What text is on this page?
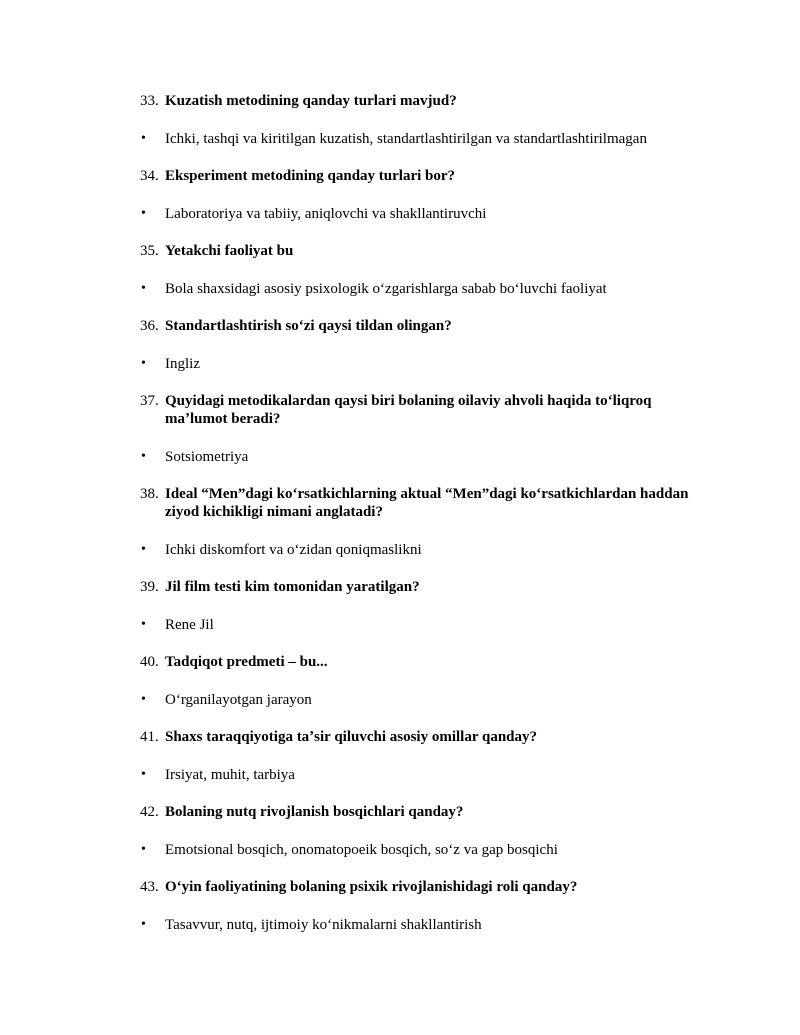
33. Kuzatish metodining qanday turlari mavjud?
• Ichki, tashqi va kiritilgan kuzatish, standartlashtirilgan va standartlashtirilmagan
34. Eksperiment metodining qanday turlari bor?
• Laboratoriya va tabiiy, aniqlovchi va shakllantiruvchi
35. Yetakchi faoliyat bu
• Bola shaxsidagi asosiy psixologik oʻzgarishlarga sabab boʻluvchi faoliyat
36. Standartlashtirish soʻzi qaysi tildan olingan?
• Ingliz
37. Quyidagi metodikalardan qaysi biri bolaning oilaviy ahvoli haqida toʻliqroq maʼlumot beradi?
• Sotsiometriya
38. Ideal “Men”dagi koʻrsatkichlarning aktual “Men”dagi koʻrsatkichlardan haddan ziyod kichikligi nimani anglatadi?
• Ichki diskomfort va oʻzidan qoniqmaslikni
39. Jil film testi kim tomonidan yaratilgan?
• Rene Jil
40. Tadqiqot predmeti – bu...
• Oʻrganilayotgan jarayon
41. Shaxs taraqqiyotiga taʼsir qiluvchi asosiy omillar qanday?
• Irsiyat, muhit, tarbiya
42. Bolaning nutq rivojlanish bosqichlari qanday?
• Emotsional bosqich, onomatopoeik bosqich, soʻz va gap bosqichi
43. Oʻyin faoliyatining bolaning psixik rivojlanishidagi roli qanday?
• Tasavvur, nutq, ijtimoiy koʻnikmalarni shakllantirish
